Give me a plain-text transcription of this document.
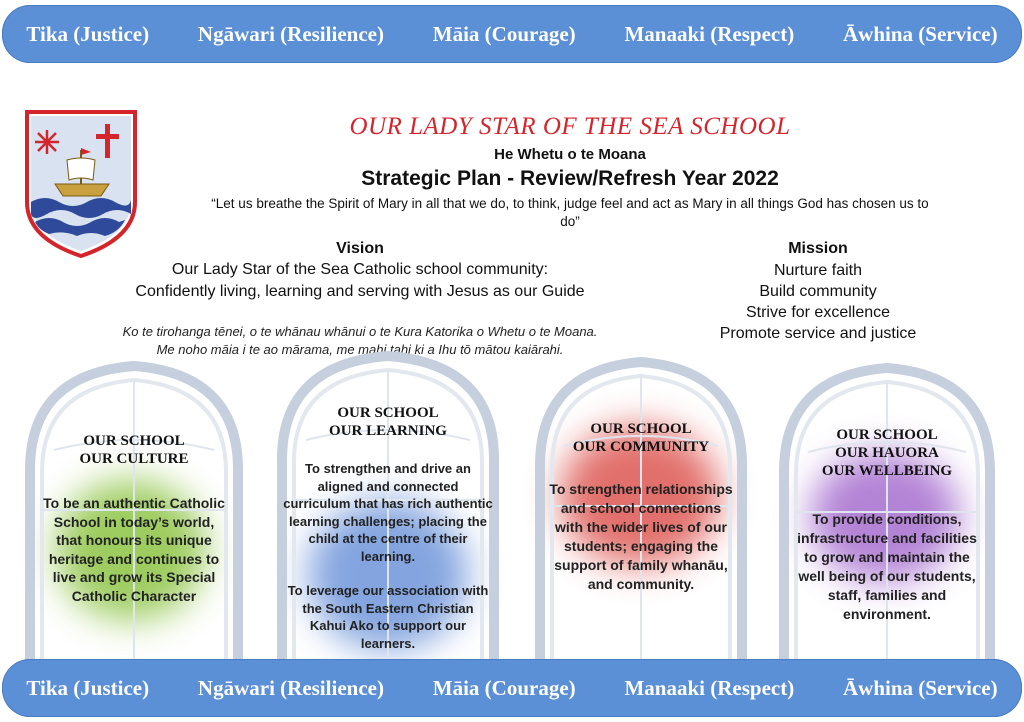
Tika (Justice) Ngāwari (Resilience) Māia (Courage) Manaaki (Respect) Āwhina (Service)
OUR LADY STAR OF THE SEA SCHOOL
He Whetu o te Moana
Strategic Plan - Review/Refresh Year 2022
“Let us breathe the Spirit of Mary in all that we do, to think, judge feel and act as Mary in all things God has chosen us to
do”
Vision
Our Lady Star of the Sea Catholic school community:
Confidently living, learning and serving with Jesus as our Guide
Ko te tirohanga tēnei, o te whānau whānui o te Kura Katorika o Whetu o te Moana.
Me noho māia i te ao mārama, me mahi tahi ki a Ihu tō mātou kaiārahi.
Mission
Nurture faith
Build community
Strive for excellence
Promote service and justice
OUR SCHOOL
OUR CULTURE
To be an authentic Catholic
School in today’s world,
that honours its unique
heritage and continues to
live and grow its Special
Catholic Character
OUR SCHOOL
OUR LEARNING
To strengthen and drive an
aligned and connected
curriculum that has rich authentic
learning challenges; placing the
child at the centre of their
learning.
To leverage our association with
the South Eastern Christian
Kahui Ako to support our
learners.
OUR SCHOOL
OUR COMMUNITY
To strengthen relationships
and school connections
with the wider lives of our
students; engaging the
support of family whanāu,
and community.
OUR SCHOOL
OUR HAUORA
OUR WELLBEING
To provide conditions,
infrastructure and facilities
to grow and maintain the
well being of our students,
staff, families and
environment.
Tika (Justice) Ngāwari (Resilience) Māia (Courage) Manaaki (Respect) Āwhina (Service)
